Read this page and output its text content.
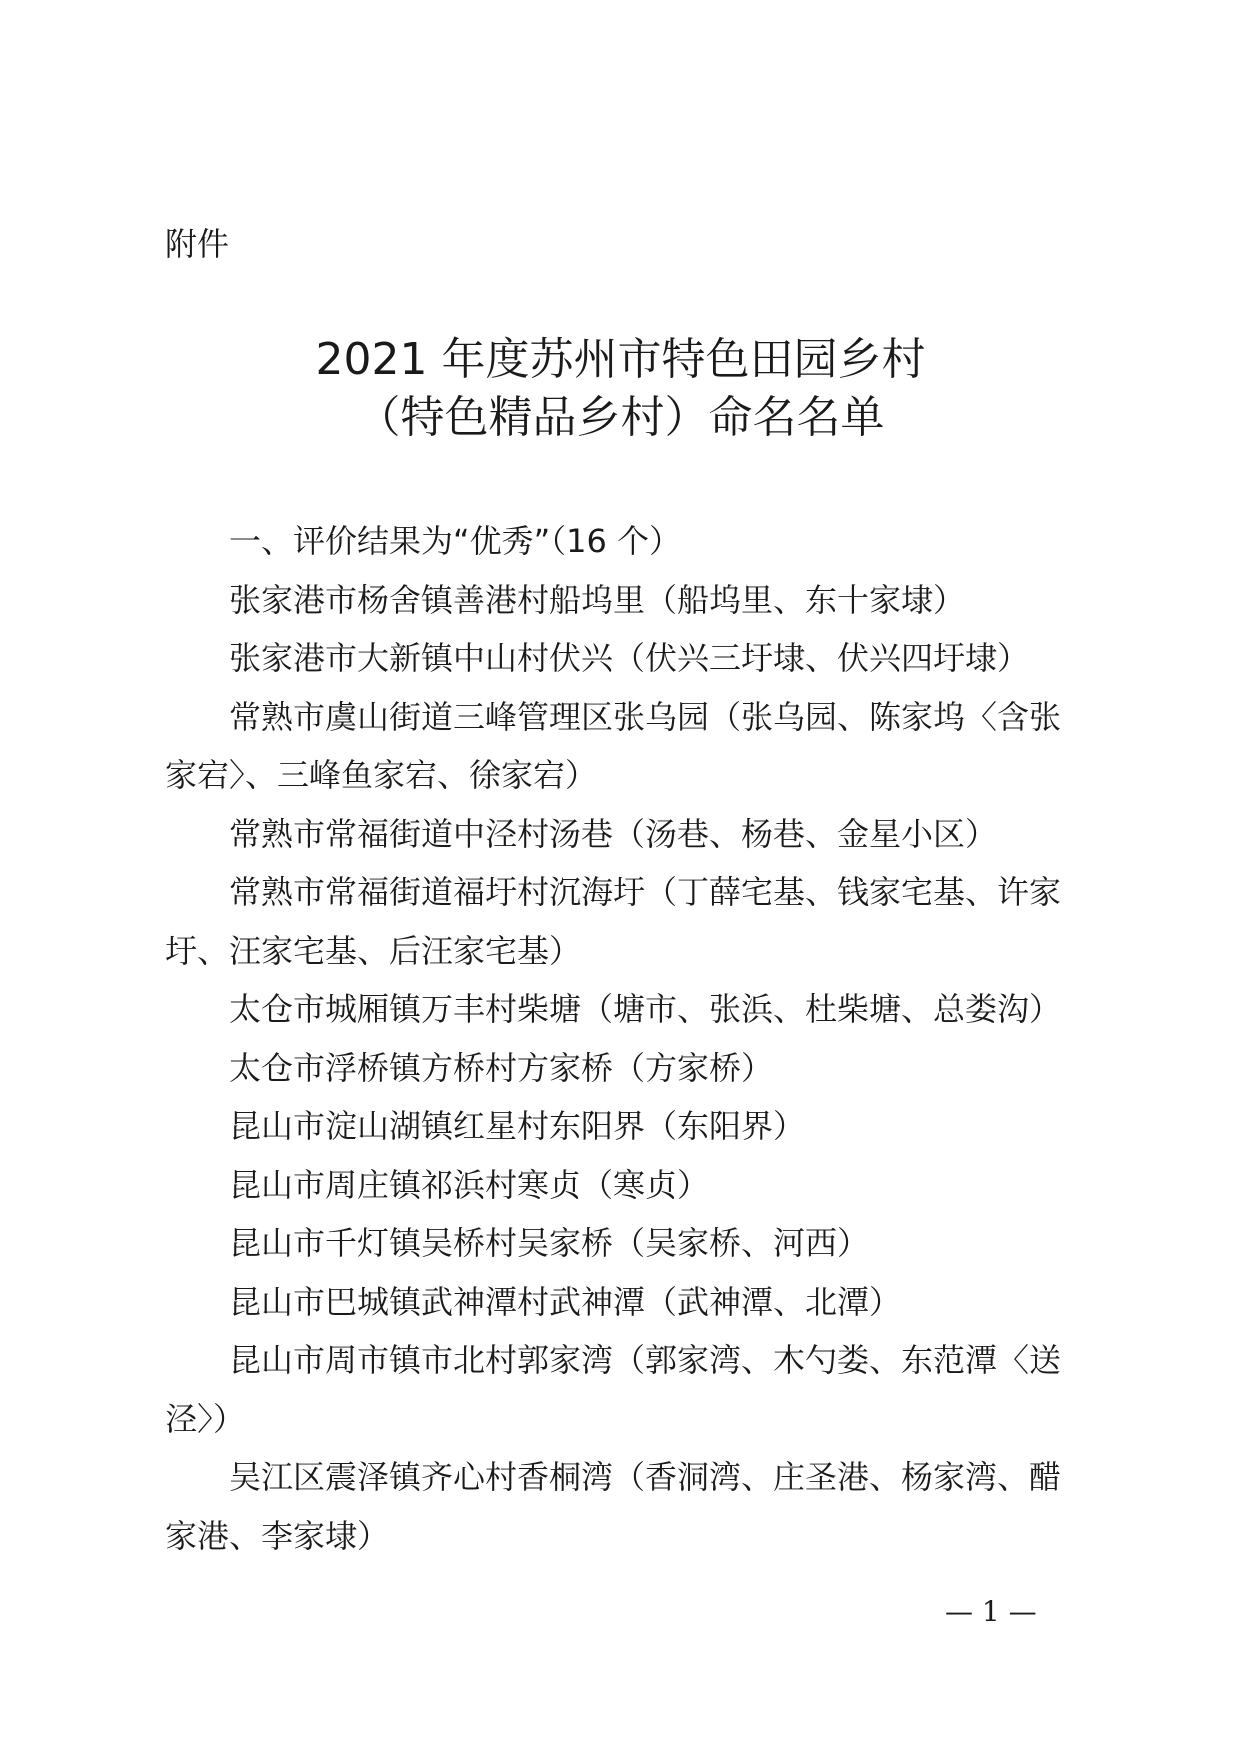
附件

2021 年度苏州市特色田园乡村
（特色精品乡村）命名名单

一、评价结果为“优秀”（16 个）

张家港市杨舍镇善港村船坞里（船坞里、东十家埭）

张家港市大新镇中山村伏兴（伏兴三圩埭、伏兴四圩埭）

常熟市虞山街道三峰管理区张乌园（张乌园、陈家坞〈含张家宕〉、三峰鱼家宕、徐家宕）

常熟市常福街道中泾村汤巷（汤巷、杨巷、金星小区）

常熟市常福街道福圩村沉海圩（丁薛宅基、钱家宅基、许家圩、汪家宅基、后汪家宅基）

太仓市城厢镇万丰村柴塘（塘市、张浜、杜柴塘、总娄沟）

太仓市浮桥镇方桥村方家桥（方家桥）

昆山市淀山湖镇红星村东阳界（东阳界）

昆山市周庄镇祁浜村寒贞（寒贞）

昆山市千灯镇吴桥村吴家桥（吴家桥、河西）

昆山市巴城镇武神潭村武神潭（武神潭、北潭）

昆山市周市镇市北村郭家湾（郭家湾、木勺娄、东范潭〈送泾〉）

吴江区震泽镇齐心村香桐湾（香洞湾、庄圣港、杨家湾、醋家港、李家埭）

— 1 —
